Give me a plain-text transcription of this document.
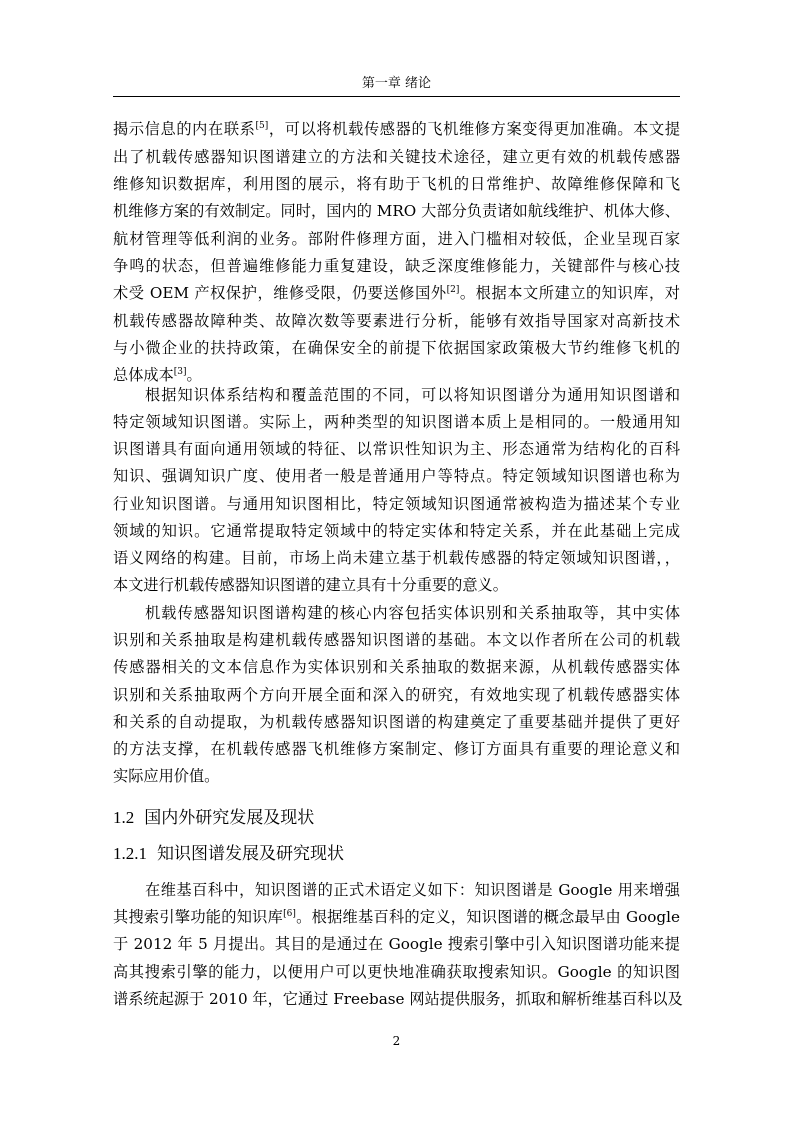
第一章 绪论
揭示信息的内在联系[5]，可以将机载传感器的飞机维修方案变得更加准确。本文提
出了机载传感器知识图谱建立的方法和关键技术途径，建立更有效的机载传感器
维修知识数据库，利用图的展示，将有助于飞机的日常维护、故障维修保障和飞
机维修方案的有效制定。同时，国内的 MRO 大部分负责诸如航线维护、机体大修、
航材管理等低利润的业务。部附件修理方面，进入门槛相对较低，企业呈现百家
争鸣的状态，但普遍维修能力重复建设，缺乏深度维修能力，关键部件与核心技
术受 OEM 产权保护，维修受限，仍要送修国外[2]。根据本文所建立的知识库，对
机载传感器故障种类、故障次数等要素进行分析，能够有效指导国家对高新技术
与小微企业的扶持政策，在确保安全的前提下依据国家政策极大节约维修飞机的
总体成本[3]。
根据知识体系结构和覆盖范围的不同，可以将知识图谱分为通用知识图谱和
特定领域知识图谱。实际上，两种类型的知识图谱本质上是相同的。一般通用知
识图谱具有面向通用领域的特征、以常识性知识为主、形态通常为结构化的百科
知识、强调知识广度、使用者一般是普通用户等特点。特定领域知识图谱也称为
行业知识图谱。与通用知识图相比，特定领域知识图通常被构造为描述某个专业
领域的知识。它通常提取特定领域中的特定实体和特定关系，并在此基础上完成
语义网络的构建。目前，市场上尚未建立基于机载传感器的特定领域知识图谱，，
本文进行机载传感器知识图谱的建立具有十分重要的意义。
机载传感器知识图谱构建的核心内容包括实体识别和关系抽取等，其中实体
识别和关系抽取是构建机载传感器知识图谱的基础。本文以作者所在公司的机载
传感器相关的文本信息作为实体识别和关系抽取的数据来源，从机载传感器实体
识别和关系抽取两个方向开展全面和深入的研究，有效地实现了机载传感器实体
和关系的自动提取，为机载传感器知识图谱的构建奠定了重要基础并提供了更好
的方法支撑，在机载传感器飞机维修方案制定、修订方面具有重要的理论意义和
实际应用价值。
1.2 国内外研究发展及现状
1.2.1 知识图谱发展及研究现状
在维基百科中，知识图谱的正式术语定义如下：知识图谱是 Google 用来增强
其搜索引擎功能的知识库[6]。根据维基百科的定义，知识图谱的概念最早由 Google
于 2012 年 5 月提出。其目的是通过在 Google 搜索引擎中引入知识图谱功能来提
高其搜索引擎的能力，以便用户可以更快地准确获取搜索知识。Google 的知识图
谱系统起源于 2010 年，它通过 Freebase 网站提供服务，抓取和解析维基百科以及
2
